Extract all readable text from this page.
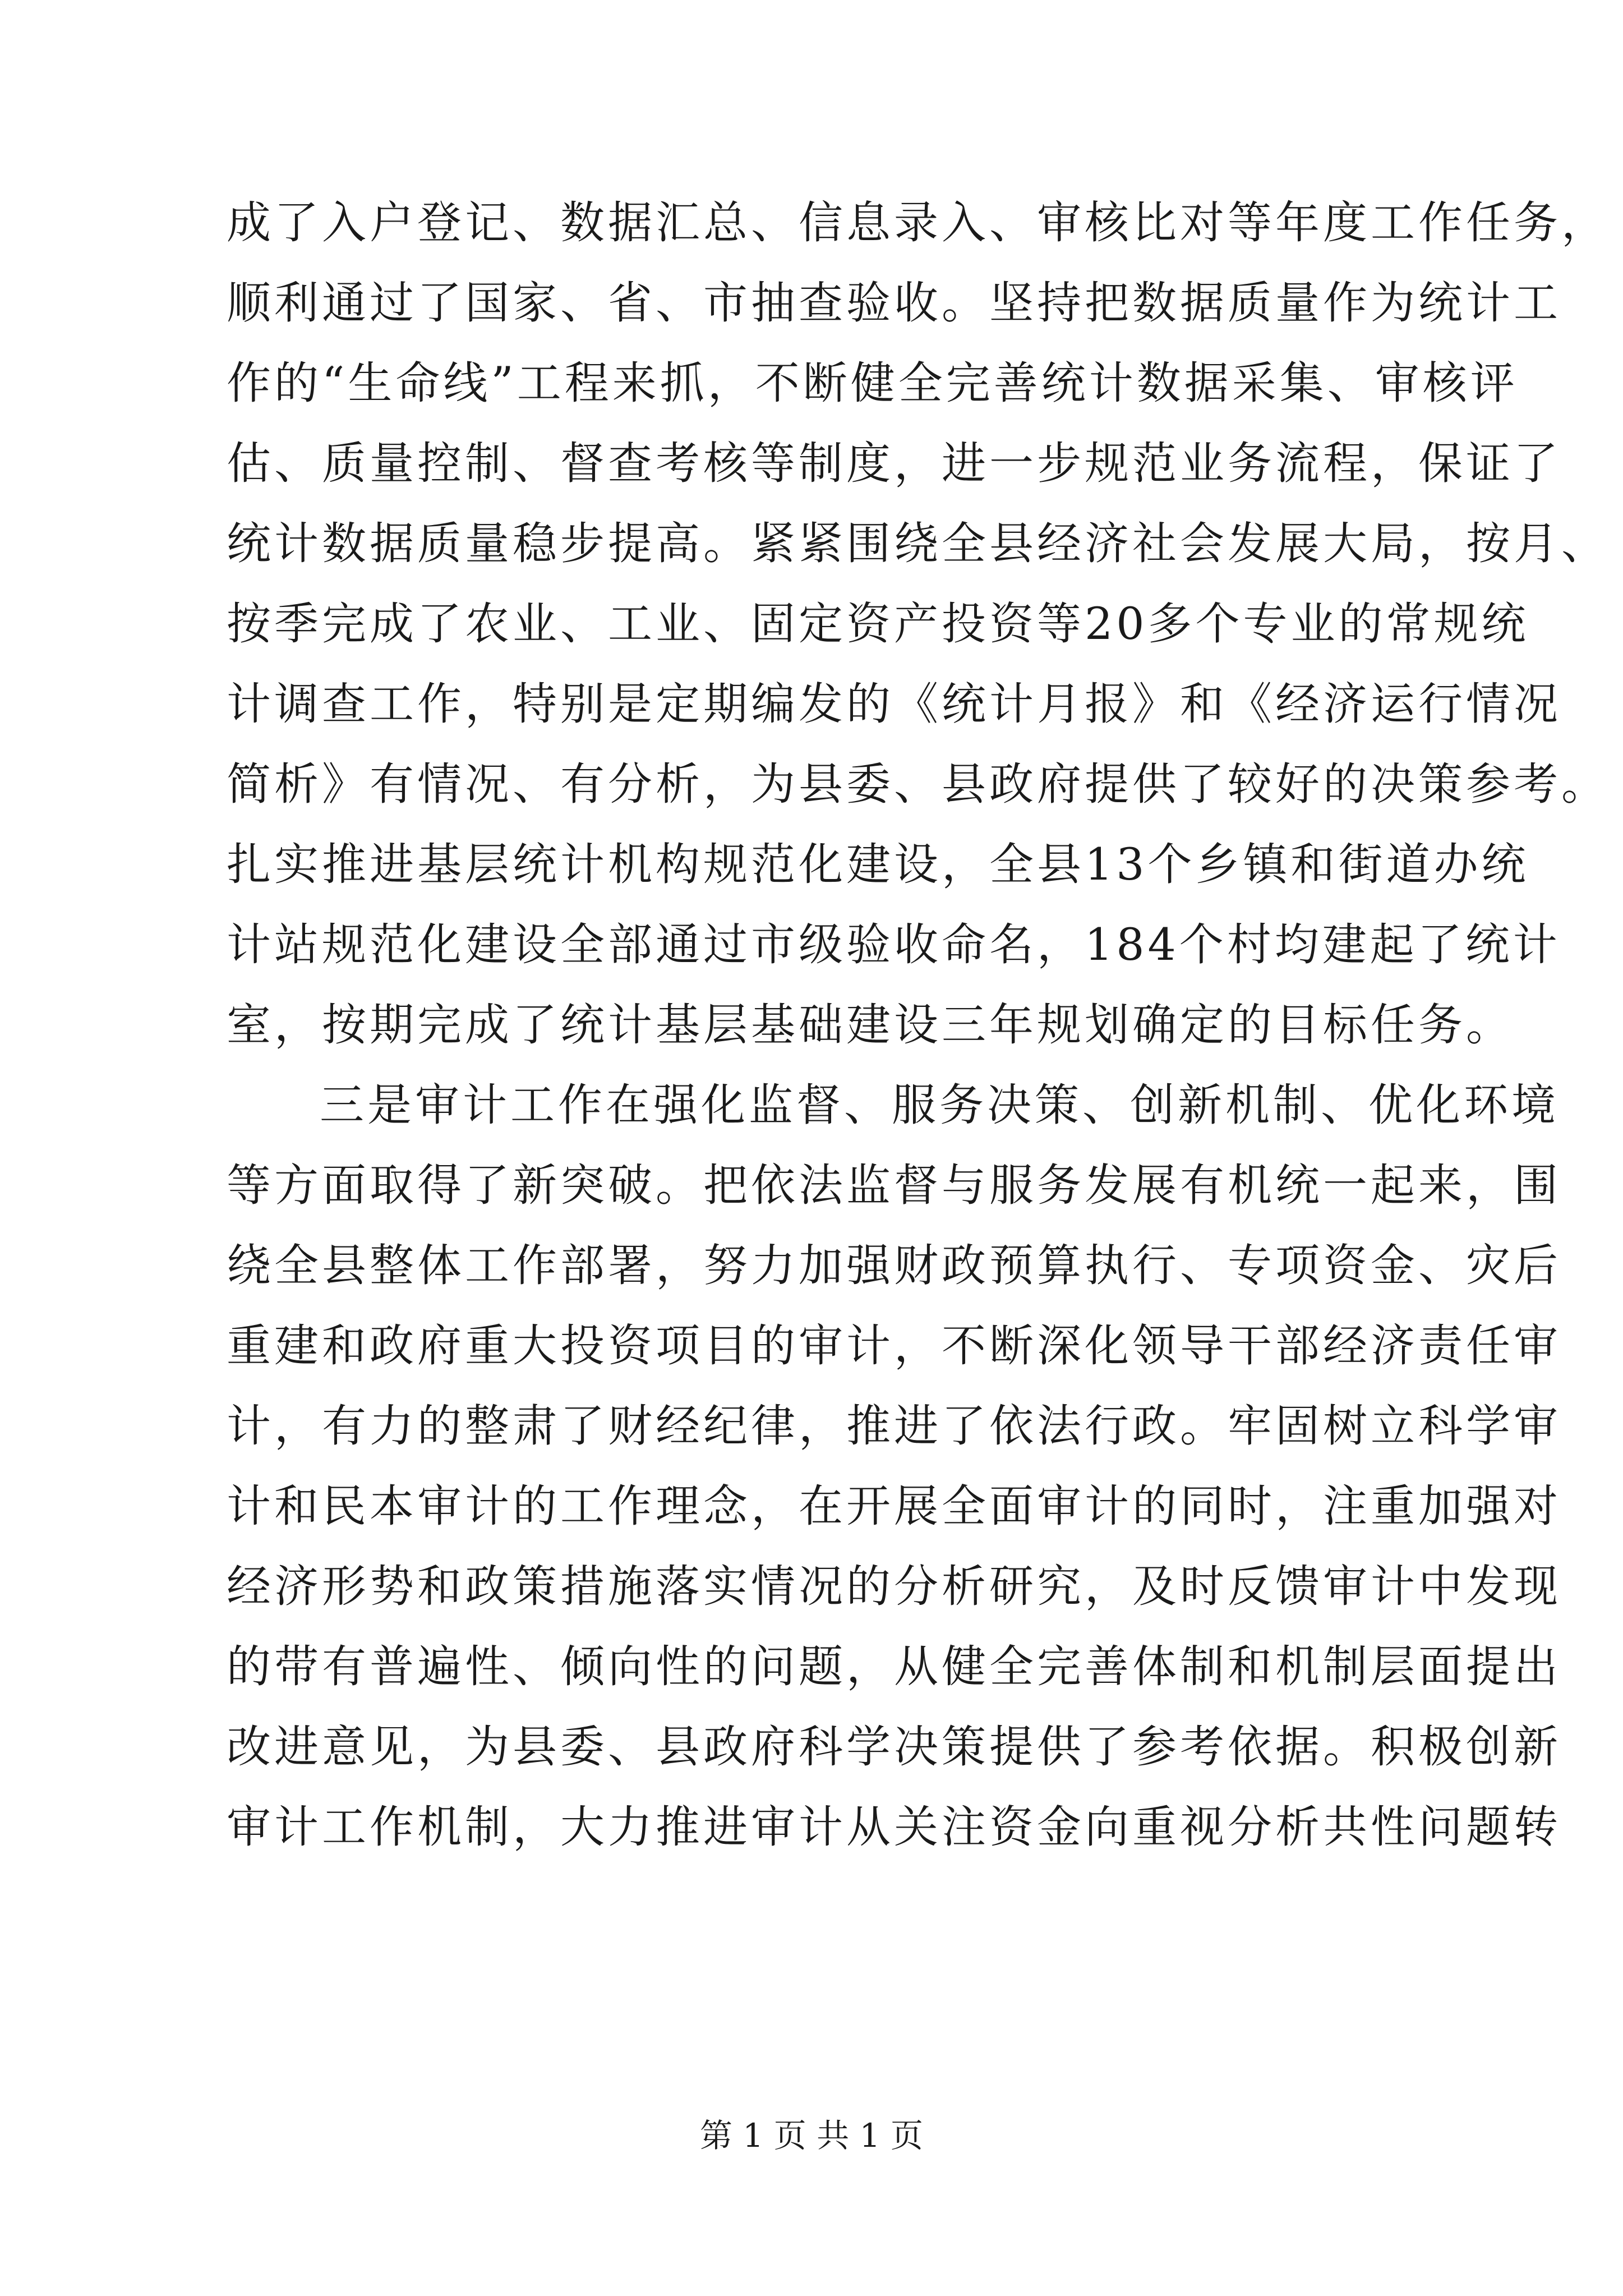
成了入户登记、数据汇总、信息录入、审核比对等年度工作任务，
顺利通过了国家、省、市抽查验收。坚持把数据质量作为统计工
作的“生命线”工程来抓，不断健全完善统计数据采集、审核评
估、质量控制、督查考核等制度，进一步规范业务流程，保证了
统计数据质量稳步提高。紧紧围绕全县经济社会发展大局，按月、
按季完成了农业、工业、固定资产投资等20多个专业的常规统
计调查工作，特别是定期编发的《统计月报》和《经济运行情况
简析》有情况、有分析，为县委、县政府提供了较好的决策参考。
扎实推进基层统计机构规范化建设，全县13个乡镇和街道办统
计站规范化建设全部通过市级验收命名，184个村均建起了统计
室，按期完成了统计基层基础建设三年规划确定的目标任务。
三是审计工作在强化监督、服务决策、创新机制、优化环境
等方面取得了新突破。把依法监督与服务发展有机统一起来，围
绕全县整体工作部署，努力加强财政预算执行、专项资金、灾后
重建和政府重大投资项目的审计，不断深化领导干部经济责任审
计，有力的整肃了财经纪律，推进了依法行政。牢固树立科学审
计和民本审计的工作理念，在开展全面审计的同时，注重加强对
经济形势和政策措施落实情况的分析研究，及时反馈审计中发现
的带有普遍性、倾向性的问题，从健全完善体制和机制层面提出
改进意见，为县委、县政府科学决策提供了参考依据。积极创新
审计工作机制，大力推进审计从关注资金向重视分析共性问题转
第 1 页 共 1 页
